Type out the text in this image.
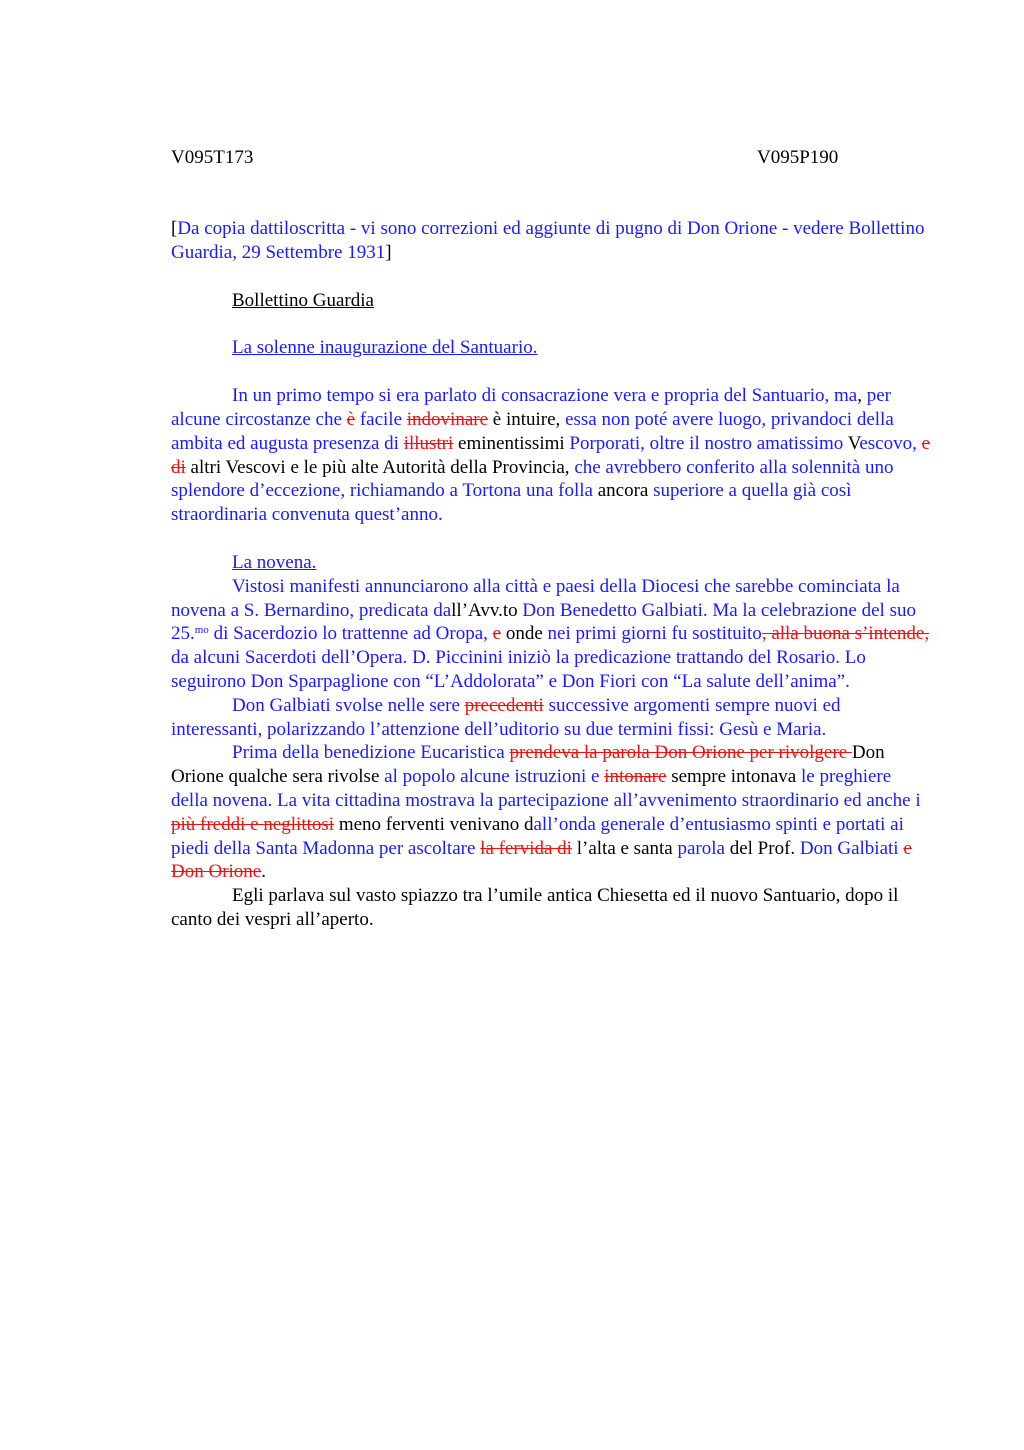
V095T173	V095P190

[Da copia dattiloscritta - vi sono correzioni ed aggiunte di pugno di Don Orione - vedere Bollettino Guardia, 29 Settembre 1931]

Bollettino Guardia

La solenne inaugurazione del Santuario.

In un primo tempo si era parlato di consacrazione vera e propria del Santuario, ma, per alcune circostanze che è facile indovinare è intuire, essa non poté avere luogo, privandoci della ambita ed augusta presenza di illustri eminentissimi Porporati, oltre il nostro amatissimo Vescovo, e di altri Vescovi e le più alte Autorità della Provincia, che avrebbero conferito alla solennità uno splendore d’eccezione, richiamando a Tortona una folla ancora superiore a quella già così straordinaria convenuta quest’anno.

La novena.

Vistosi manifesti annunciarono alla città e paesi della Diocesi che sarebbe cominciata la novena a S. Bernardino, predicata dall’Avv.to Don Benedetto Galbiati. Ma la celebrazione del suo 25.$^{mo}$ di Sacerdozio lo trattenne ad Oropa, e onde nei primi giorni fu sostituito, alla buona s’intende, da alcuni Sacerdoti dell’Opera. D. Piccinini iniziò la predicazione trattando del Rosario. Lo seguirono Don Sparpaglione con “L’Addolorata” e Don Fiori con “La salute dell’anima”.

Don Galbiati svolse nelle sere precedenti successive argomenti sempre nuovi ed interessanti, polarizzando l’attenzione dell’uditorio su due termini fissi: Gesù e Maria.

Prima della benedizione Eucaristica prendeva la parola Don Orione per rivolgere Don Orione qualche sera rivolse al popolo alcune istruzioni e intonare sempre intonava le preghiere della novena. La vita cittadina mostrava la partecipazione all’avvenimento straordinario ed anche i più freddi e neglittosi meno ferventi venivano dall’onda generale d’entusiasmo spinti e portati ai piedi della Santa Madonna per ascoltare la fervida di l’alta e santa parola del Prof. Don Galbiati e Don Orione.

Egli parlava sul vasto spiazzo tra l’umile antica Chiesetta ed il nuovo Santuario, dopo il canto dei vespri all’aperto.
